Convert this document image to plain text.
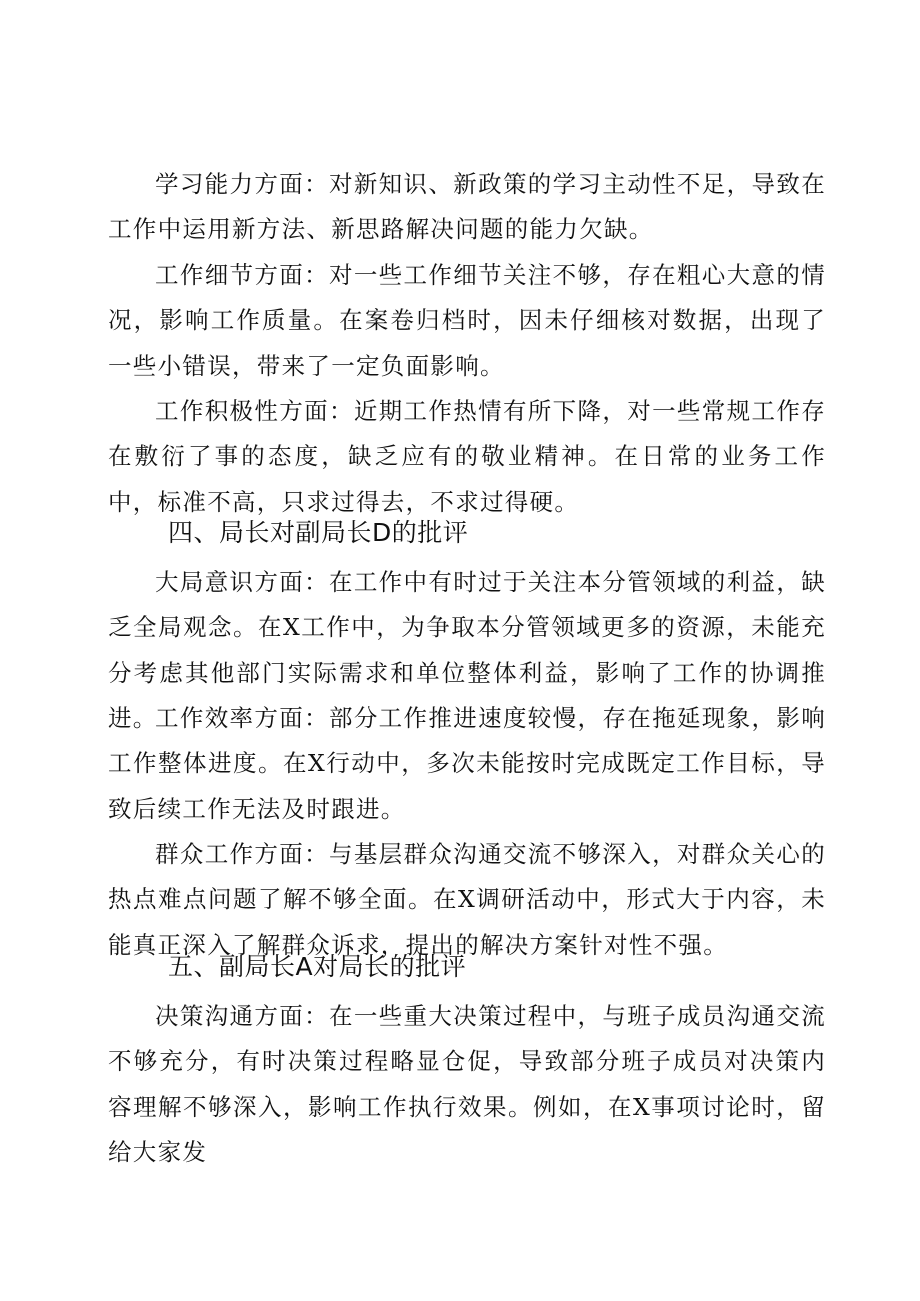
学习能力方面：对新知识、新政策的学习主动性不足，导致在工作中运用新方法、新思路解决问题的能力欠缺。

工作细节方面：对一些工作细节关注不够，存在粗心大意的情况，影响工作质量。在案卷归档时，因未仔细核对数据，出现了一些小错误，带来了一定负面影响。

工作积极性方面：近期工作热情有所下降，对一些常规工作存在敷衍了事的态度，缺乏应有的敬业精神。在日常的业务工作中，标准不高，只求过得去，不求过得硬。

四、局长对副局长D的批评

大局意识方面：在工作中有时过于关注本分管领域的利益，缺乏全局观念。在X工作中，为争取本分管领域更多的资源，未能充分考虑其他部门实际需求和单位整体利益，影响了工作的协调推进。

工作效率方面：部分工作推进速度较慢，存在拖延现象，影响工作整体进度。在X行动中，多次未能按时完成既定工作目标，导致后续工作无法及时跟进。

群众工作方面：与基层群众沟通交流不够深入，对群众关心的热点难点问题了解不够全面。在X调研活动中，形式大于内容，未能真正深入了解群众诉求，提出的解决方案针对性不强。

五、副局长A对局长的批评

决策沟通方面：在一些重大决策过程中，与班子成员沟通交流不够充分，有时决策过程略显仓促，导致部分班子成员对决策内容理解不够深入，影响工作执行效果。例如，在X事项讨论时，留给大家发
